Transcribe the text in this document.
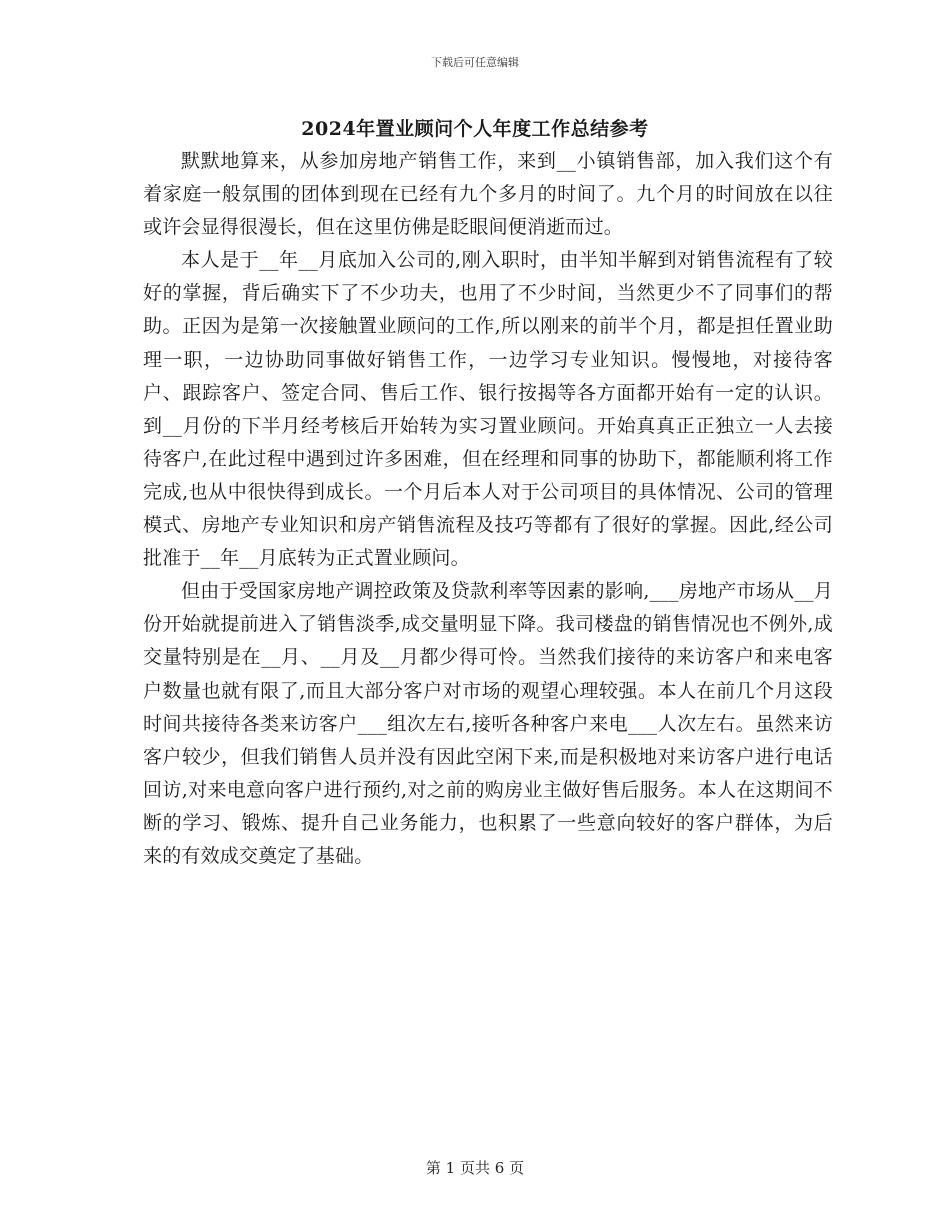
下载后可任意编辑
2024年置业顾问个人年度工作总结参考

默默地算来，从参加房地产销售工作，来到__小镇销售部，加入我们这个有着家庭一般氛围的团体到现在已经有九个多月的时间了。九个月的时间放在以往或许会显得很漫长，但在这里仿佛是眨眼间便消逝而过。

本人是于__年__月底加入公司的,刚入职时，由半知半解到对销售流程有了较好的掌握，背后确实下了不少功夫，也用了不少时间，当然更少不了同事们的帮助。正因为是第一次接触置业顾问的工作,所以刚来的前半个月，都是担任置业助理一职，一边协助同事做好销售工作，一边学习专业知识。慢慢地，对接待客户、跟踪客户、签定合同、售后工作、银行按揭等各方面都开始有一定的认识。到__月份的下半月经考核后开始转为实习置业顾问。开始真真正正独立一人去接待客户,在此过程中遇到过许多困难，但在经理和同事的协助下，都能顺利将工作完成,也从中很快得到成长。一个月后本人对于公司项目的具体情况、公司的管理模式、房地产专业知识和房产销售流程及技巧等都有了很好的掌握。因此,经公司批准于__年__月底转为正式置业顾问。

但由于受国家房地产调控政策及贷款利率等因素的影响,___房地产市场从__月份开始就提前进入了销售淡季,成交量明显下降。我司楼盘的销售情况也不例外,成交量特别是在__月、__月及__月都少得可怜。当然我们接待的来访客户和来电客户数量也就有限了,而且大部分客户对市场的观望心理较强。本人在前几个月这段时间共接待各类来访客户___组次左右,接听各种客户来电___人次左右。虽然来访客户较少，但我们销售人员并没有因此空闲下来,而是积极地对来访客户进行电话回访,对来电意向客户进行预约,对之前的购房业主做好售后服务。本人在这期间不断的学习、锻炼、提升自己业务能力，也积累了一些意向较好的客户群体，为后来的有效成交奠定了基础。

第 1 页共 6 页
